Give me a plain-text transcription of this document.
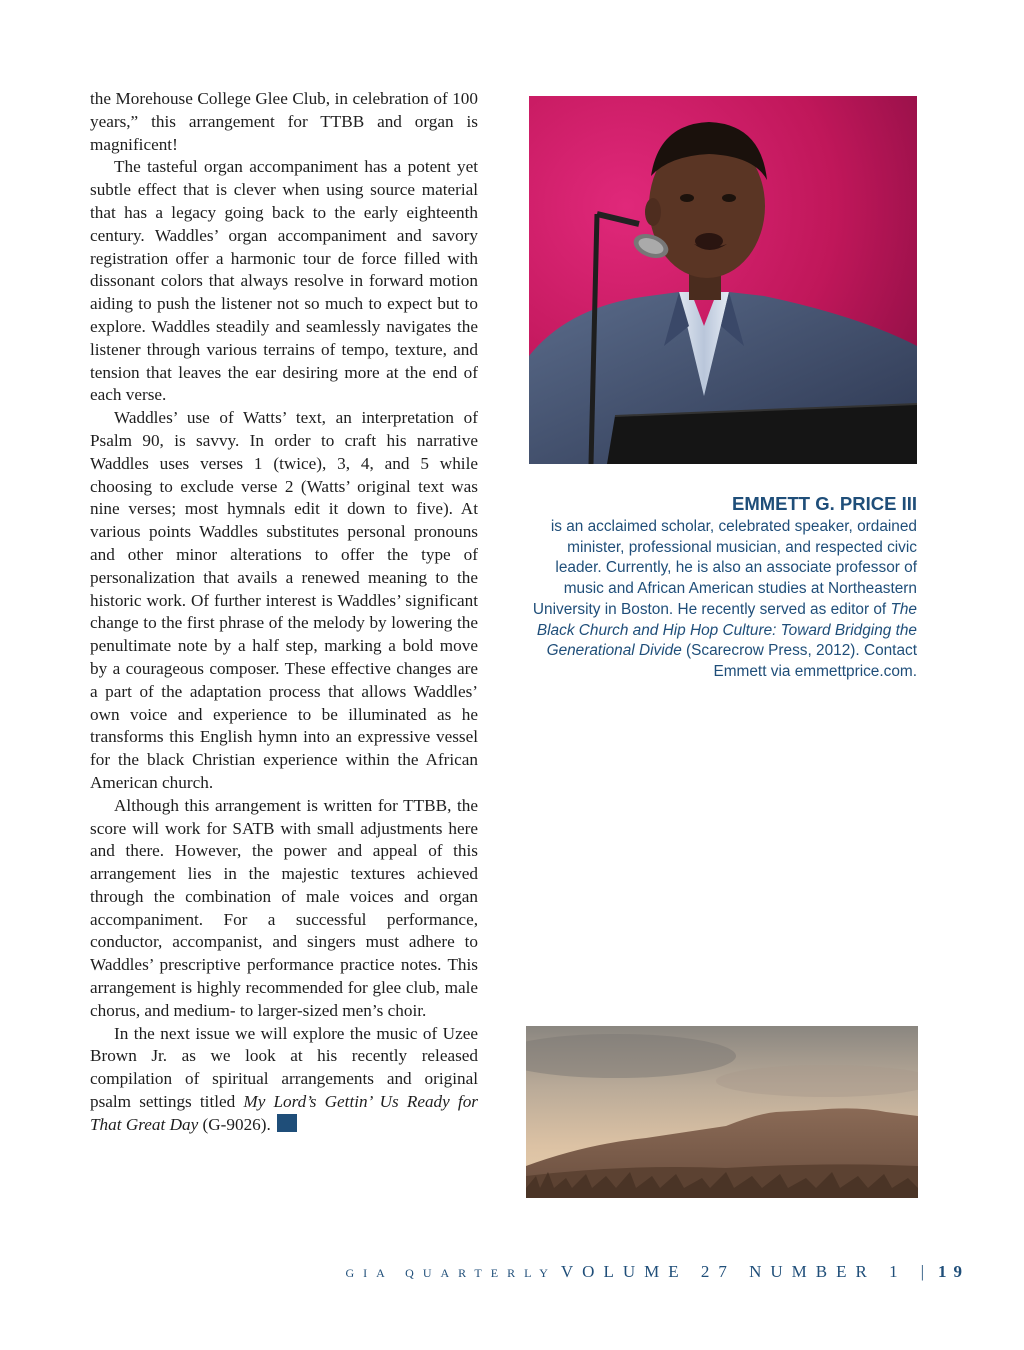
the Morehouse College Glee Club, in celebration of 100 years,” this arrangement for TTBB and organ is magnificent!

The tasteful organ accompaniment has a potent yet subtle effect that is clever when using source material that has a legacy going back to the early eighteenth century. Waddles’ organ accompaniment and savory registration offer a harmonic tour de force filled with dissonant colors that always resolve in forward motion aiding to push the listener not so much to expect but to explore. Waddles steadily and seamlessly navigates the listener through various terrains of tempo, texture, and tension that leaves the ear desiring more at the end of each verse.

Waddles’ use of Watts’ text, an interpretation of Psalm 90, is savvy. In order to craft his narrative Waddles uses verses 1 (twice), 3, 4, and 5 while choosing to exclude verse 2 (Watts’ original text was nine verses; most hymnals edit it down to five). At various points Waddles substitutes personal pronouns and other minor alterations to offer the type of personalization that avails a renewed meaning to the historic work. Of further interest is Waddles’ significant change to the first phrase of the melody by lowering the penultimate note by a half step, marking a bold move by a courageous composer. These effective changes are a part of the adaptation process that allows Waddles’ own voice and experience to be illuminated as he transforms this English hymn into an expressive vessel for the black Christian experience within the African American church.

Although this arrangement is written for TTBB, the score will work for SATB with small adjustments here and there. However, the power and appeal of this arrangement lies in the majestic textures achieved through the combination of male voices and organ accompaniment. For a successful performance, conductor, accompanist, and singers must adhere to Waddles’ prescriptive performance practice notes. This arrangement is highly recommended for glee club, male chorus, and medium- to larger-sized men’s choir.

In the next issue we will explore the music of Uzee Brown Jr. as we look at his recently released compilation of spiritual arrangements and original psalm settings titled My Lord’s Gettin’ Us Ready for That Great Day (G-9026).

EMMETT G. PRICE III
is an acclaimed scholar, celebrated speaker, ordained minister, professional musician, and respected civic leader. Currently, he is also an associate professor of music and African American studies at Northeastern University in Boston. He recently served as editor of The Black Church and Hip Hop Culture: Toward Bridging the Generational Divide (Scarecrow Press, 2012). Contact Emmett via emmettprice.com.
GIA QUARTERLY VOLUME 27 NUMBER 1 | 19
